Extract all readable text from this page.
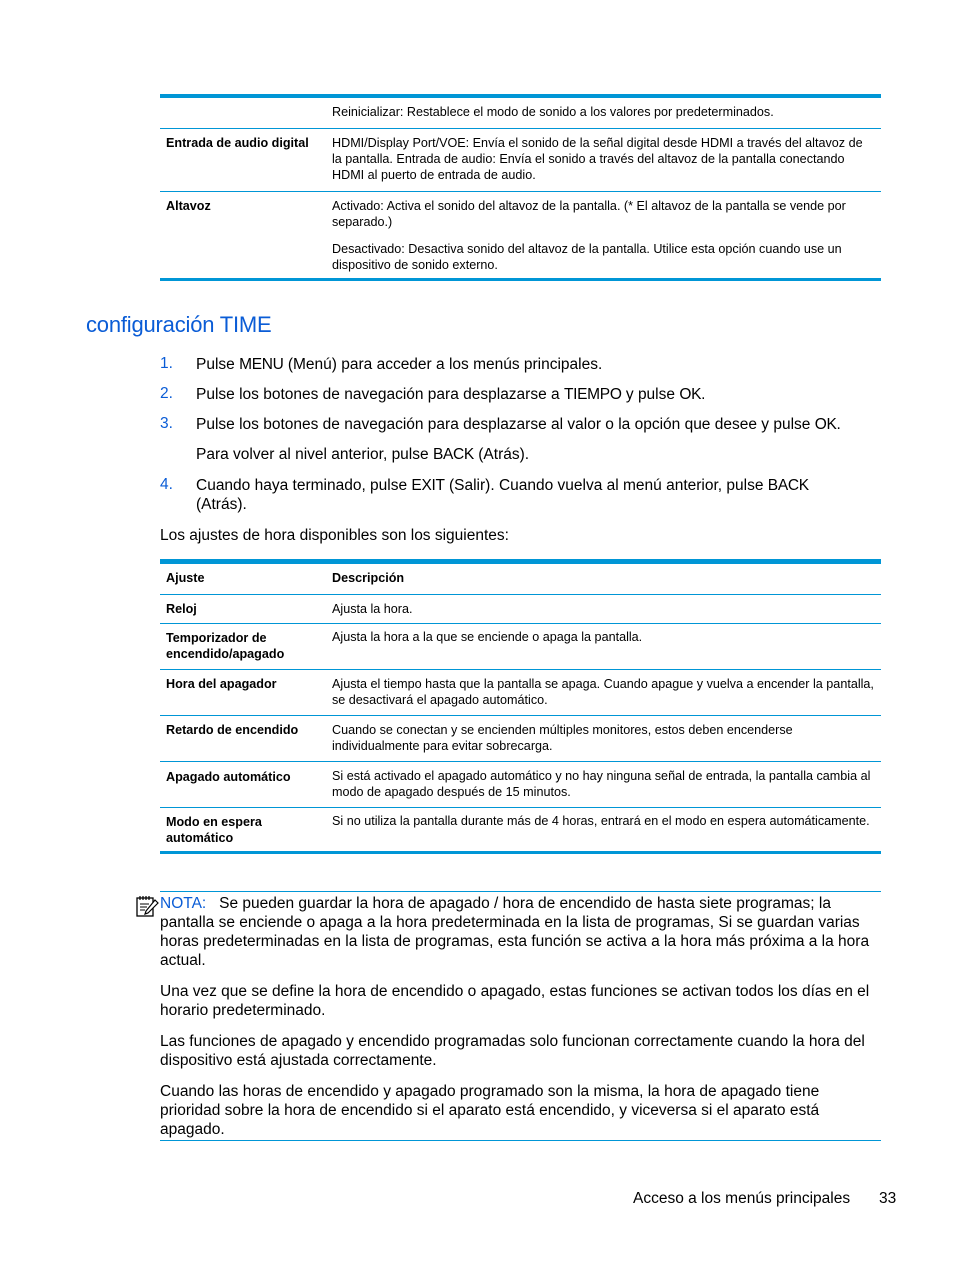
	Reinicializar: Restablece el modo de sonido a los valores por predeterminados.

Entrada de audio digital	HDMI/Display Port/VOE: Envía el sonido de la señal digital desde HDMI a través del altavoz de la pantalla. Entrada de audio: Envía el sonido a través del altavoz de la pantalla conectando HDMI al puerto de entrada de audio.

Altavoz	Activado: Activa el sonido del altavoz de la pantalla. (* El altavoz de la pantalla se vende por separado.)
Desactivado: Desactiva sonido del altavoz de la pantalla. Utilice esta opción cuando use un dispositivo de sonido externo.
configuración TIME
1. Pulse MENU (Menú) para acceder a los menús principales.
2. Pulse los botones de navegación para desplazarse a TIEMPO y pulse OK.
3. Pulse los botones de navegación para desplazarse al valor o la opción que desee y pulse OK.
Para volver al nivel anterior, pulse BACK (Atrás).
4. Cuando haya terminado, pulse EXIT (Salir). Cuando vuelva al menú anterior, pulse BACK (Atrás).
Los ajustes de hora disponibles son los siguientes:
Ajuste	Descripción
Reloj	Ajusta la hora.
Temporizador de encendido/apagado	Ajusta la hora a la que se enciende o apaga la pantalla.
Hora del apagador	Ajusta el tiempo hasta que la pantalla se apaga. Cuando apague y vuelva a encender la pantalla, se desactivará el apagado automático.
Retardo de encendido	Cuando se conectan y se encienden múltiples monitores, estos deben encenderse individualmente para evitar sobrecarga.
Apagado automático	Si está activado el apagado automático y no hay ninguna señal de entrada, la pantalla cambia al modo de apagado después de 15 minutos.
Modo en espera automático	Si no utiliza la pantalla durante más de 4 horas, entrará en el modo en espera automáticamente.
NOTA: Se pueden guardar la hora de apagado / hora de encendido de hasta siete programas; la pantalla se enciende o apaga a la hora predeterminada en la lista de programas, Si se guardan varias horas predeterminadas en la lista de programas, esta función se activa a la hora más próxima a la hora actual.
Una vez que se define la hora de encendido o apagado, estas funciones se activan todos los días en el horario predeterminado.
Las funciones de apagado y encendido programadas solo funcionan correctamente cuando la hora del dispositivo está ajustada correctamente.
Cuando las horas de encendido y apagado programado son la misma, la hora de apagado tiene prioridad sobre la hora de encendido si el aparato está encendido, y viceversa si el aparato está apagado.
Acceso a los menús principales 33
